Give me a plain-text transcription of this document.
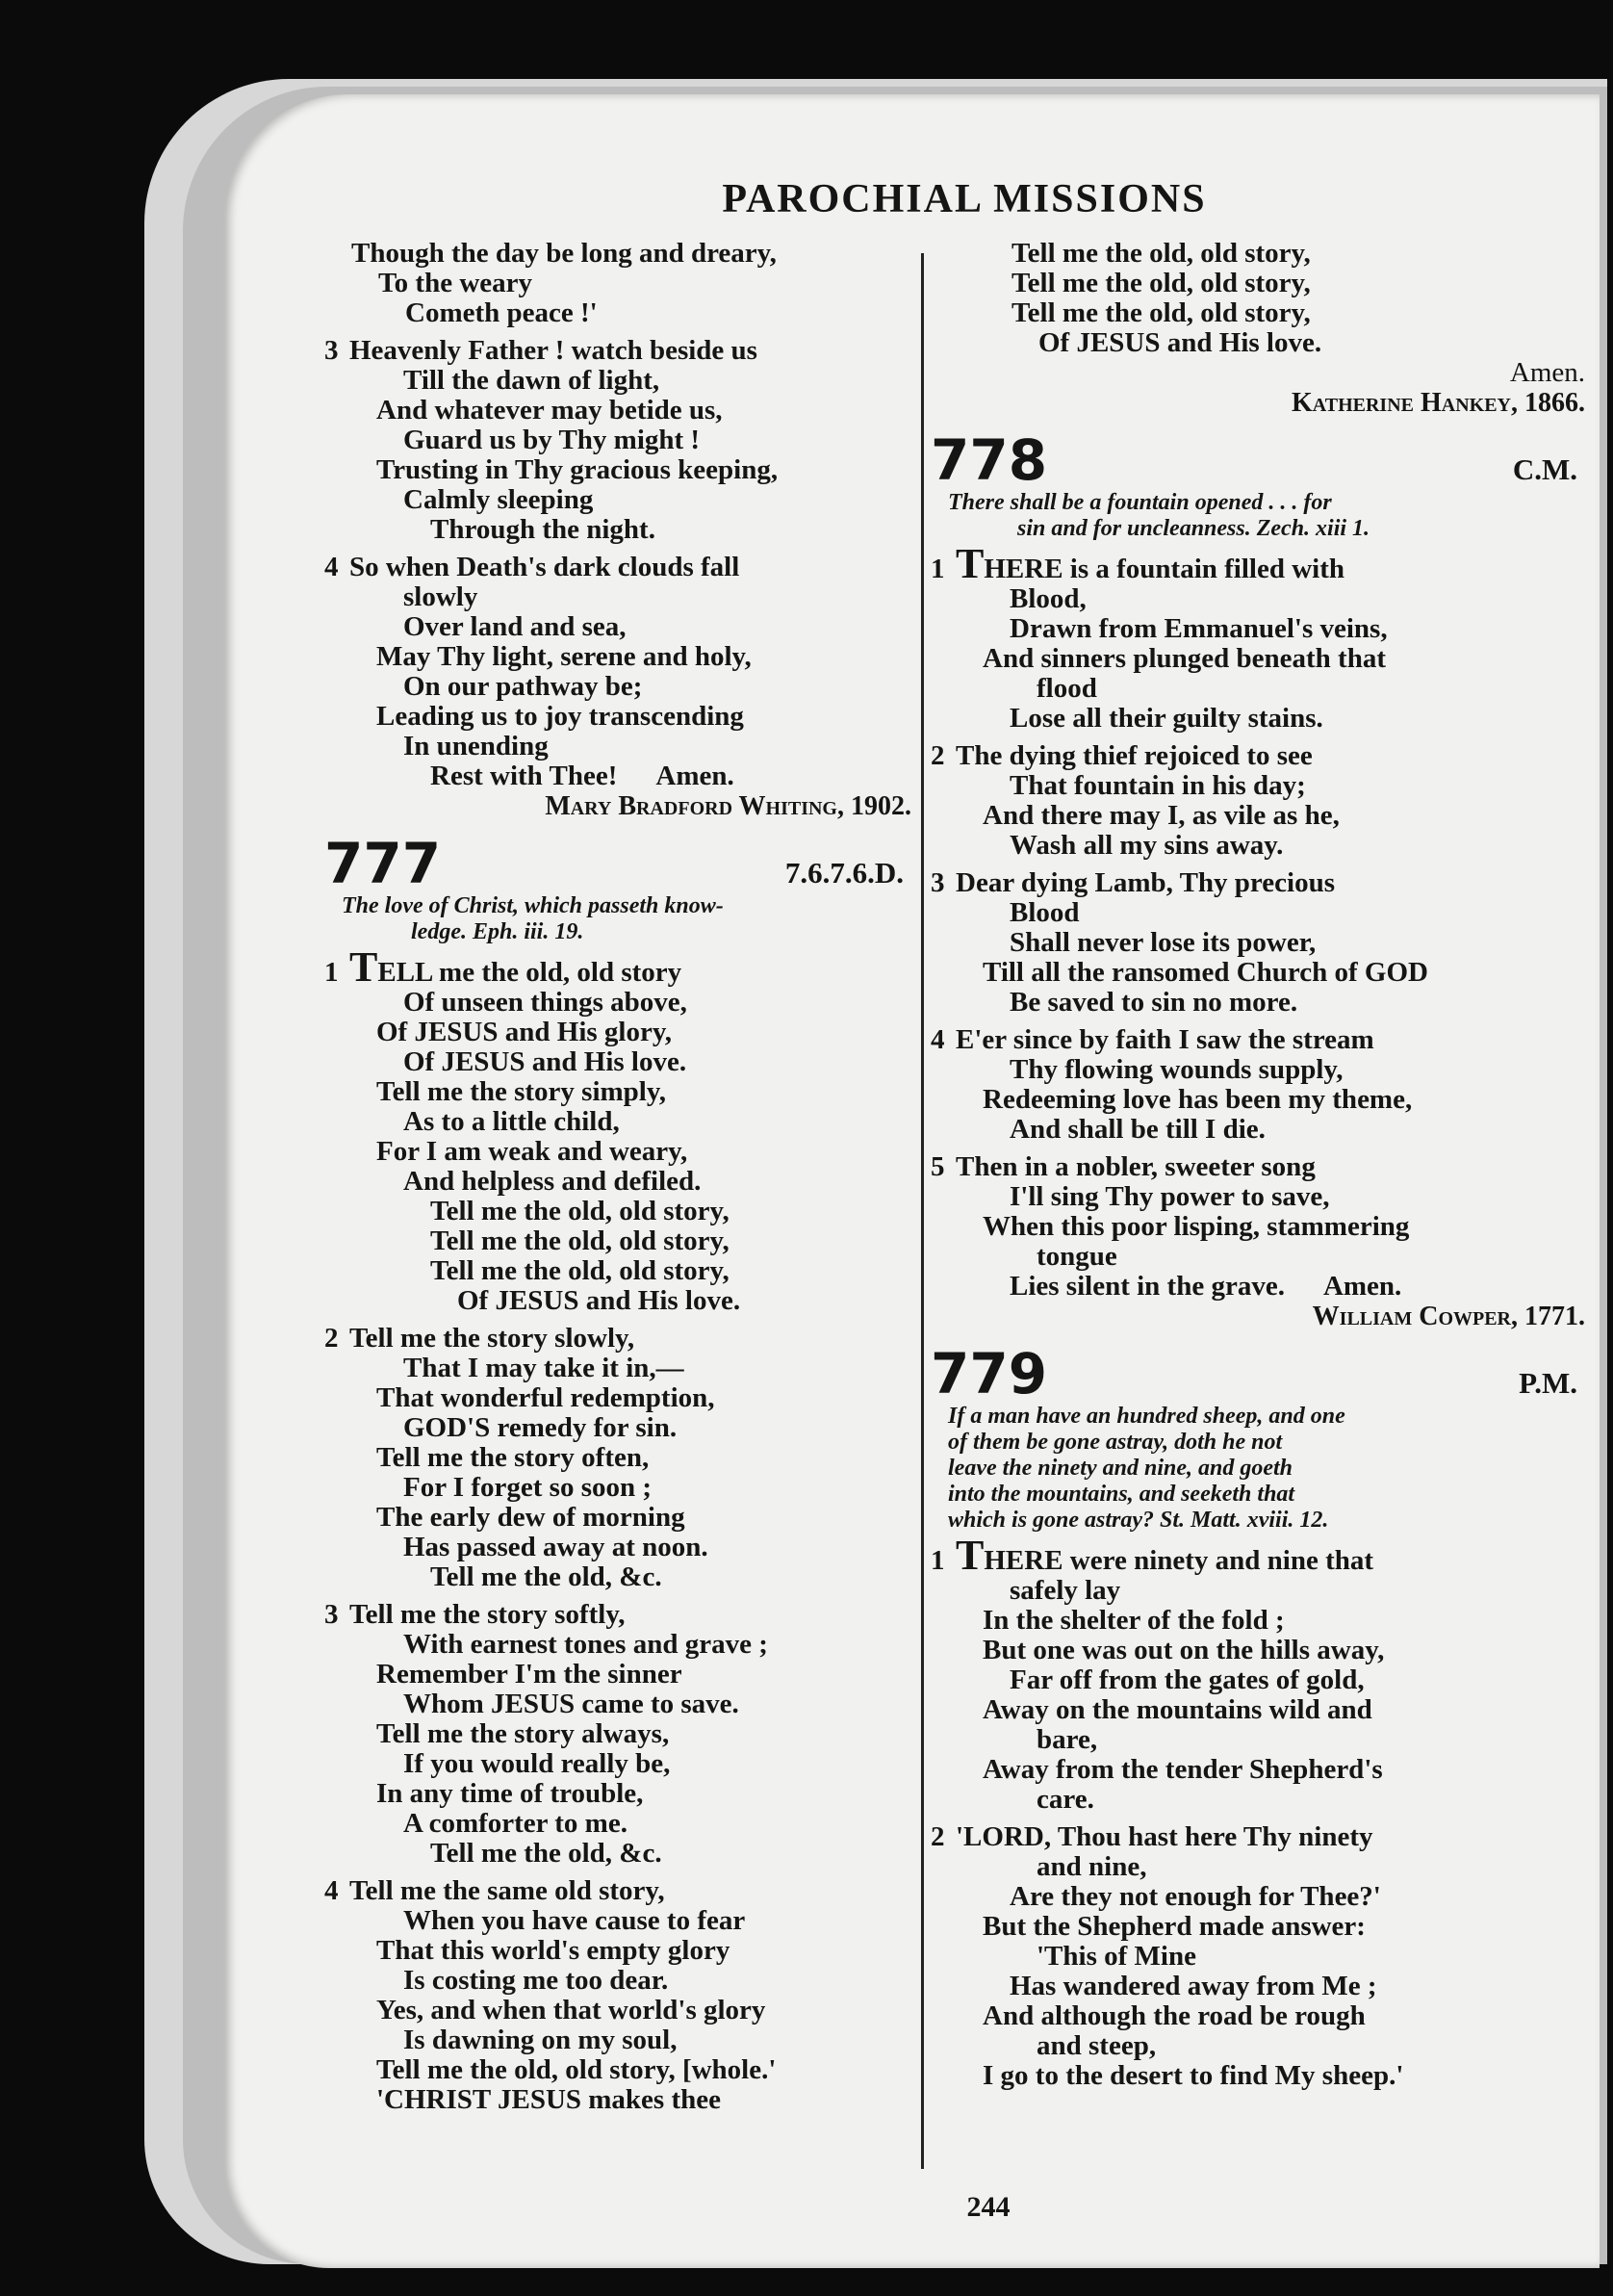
PAROCHIAL MISSIONS
Though the day be long and dreary,
To the weary
Cometh peace !'
3 Heavenly Father ! watch beside us
Till the dawn of light,
And whatever may betide us,
Guard us by Thy might !
Trusting in Thy gracious keeping,
Calmly sleeping
Through the night.
4 So when Death's dark clouds fall
slowly
Over land and sea,
May Thy light, serene and holy,
On our pathway be;
Leading us to joy transcending
In unending
Rest with Thee! Amen.
Mary Bradford Whiting, 1902.
777	7.6.7.6.D.
The love of Christ, which passeth know-
ledge. Eph. iii. 19.
1 TELL me the old, old story
Of unseen things above,
Of JESUS and His glory,
Of JESUS and His love.
Tell me the story simply,
As to a little child,
For I am weak and weary,
And helpless and defiled.
Tell me the old, old story,
Tell me the old, old story,
Tell me the old, old story,
Of JESUS and His love.
2 Tell me the story slowly,
That I may take it in,—
That wonderful redemption,
GOD'S remedy for sin.
Tell me the story often,
For I forget so soon ;
The early dew of morning
Has passed away at noon.
Tell me the old, &c.
3 Tell me the story softly,
With earnest tones and grave ;
Remember I'm the sinner
Whom JESUS came to save.
Tell me the story always,
If you would really be,
In any time of trouble,
A comforter to me.
Tell me the old, &c.
4 Tell me the same old story,
When you have cause to fear
That this world's empty glory
Is costing me too dear.
Yes, and when that world's glory
Is dawning on my soul,
Tell me the old, old story, [whole.'
'CHRIST JESUS makes thee
Tell me the old, old story,
Tell me the old, old story,
Tell me the old, old story,
Of JESUS and His love.
Amen.
Katherine Hankey, 1866.
778	C.M.
There shall be a fountain opened . . . for
sin and for uncleanness. Zech. xiii 1.
1 THERE is a fountain filled with
Blood,
Drawn from Emmanuel's veins,
And sinners plunged beneath that
flood
Lose all their guilty stains.
2 The dying thief rejoiced to see
That fountain in his day;
And there may I, as vile as he,
Wash all my sins away.
3 Dear dying Lamb, Thy precious
Blood
Shall never lose its power,
Till all the ransomed Church of GOD
Be saved to sin no more.
4 E'er since by faith I saw the stream
Thy flowing wounds supply,
Redeeming love has been my theme,
And shall be till I die.
5 Then in a nobler, sweeter song
I'll sing Thy power to save,
When this poor lisping, stammering
tongue
Lies silent in the grave. Amen.
William Cowper, 1771.
779	P.M.
If a man have an hundred sheep, and one
of them be gone astray, doth he not
leave the ninety and nine, and goeth
into the mountains, and seeketh that
which is gone astray? St. Matt. xviii. 12.
1 THERE were ninety and nine that
safely lay
In the shelter of the fold ;
But one was out on the hills away,
Far off from the gates of gold,
Away on the mountains wild and
bare,
Away from the tender Shepherd's
care.
2 'LORD, Thou hast here Thy ninety
and nine,
Are they not enough for Thee?'
But the Shepherd made answer:
'This of Mine
Has wandered away from Me ;
And although the road be rough
and steep,
I go to the desert to find My sheep.'
244
